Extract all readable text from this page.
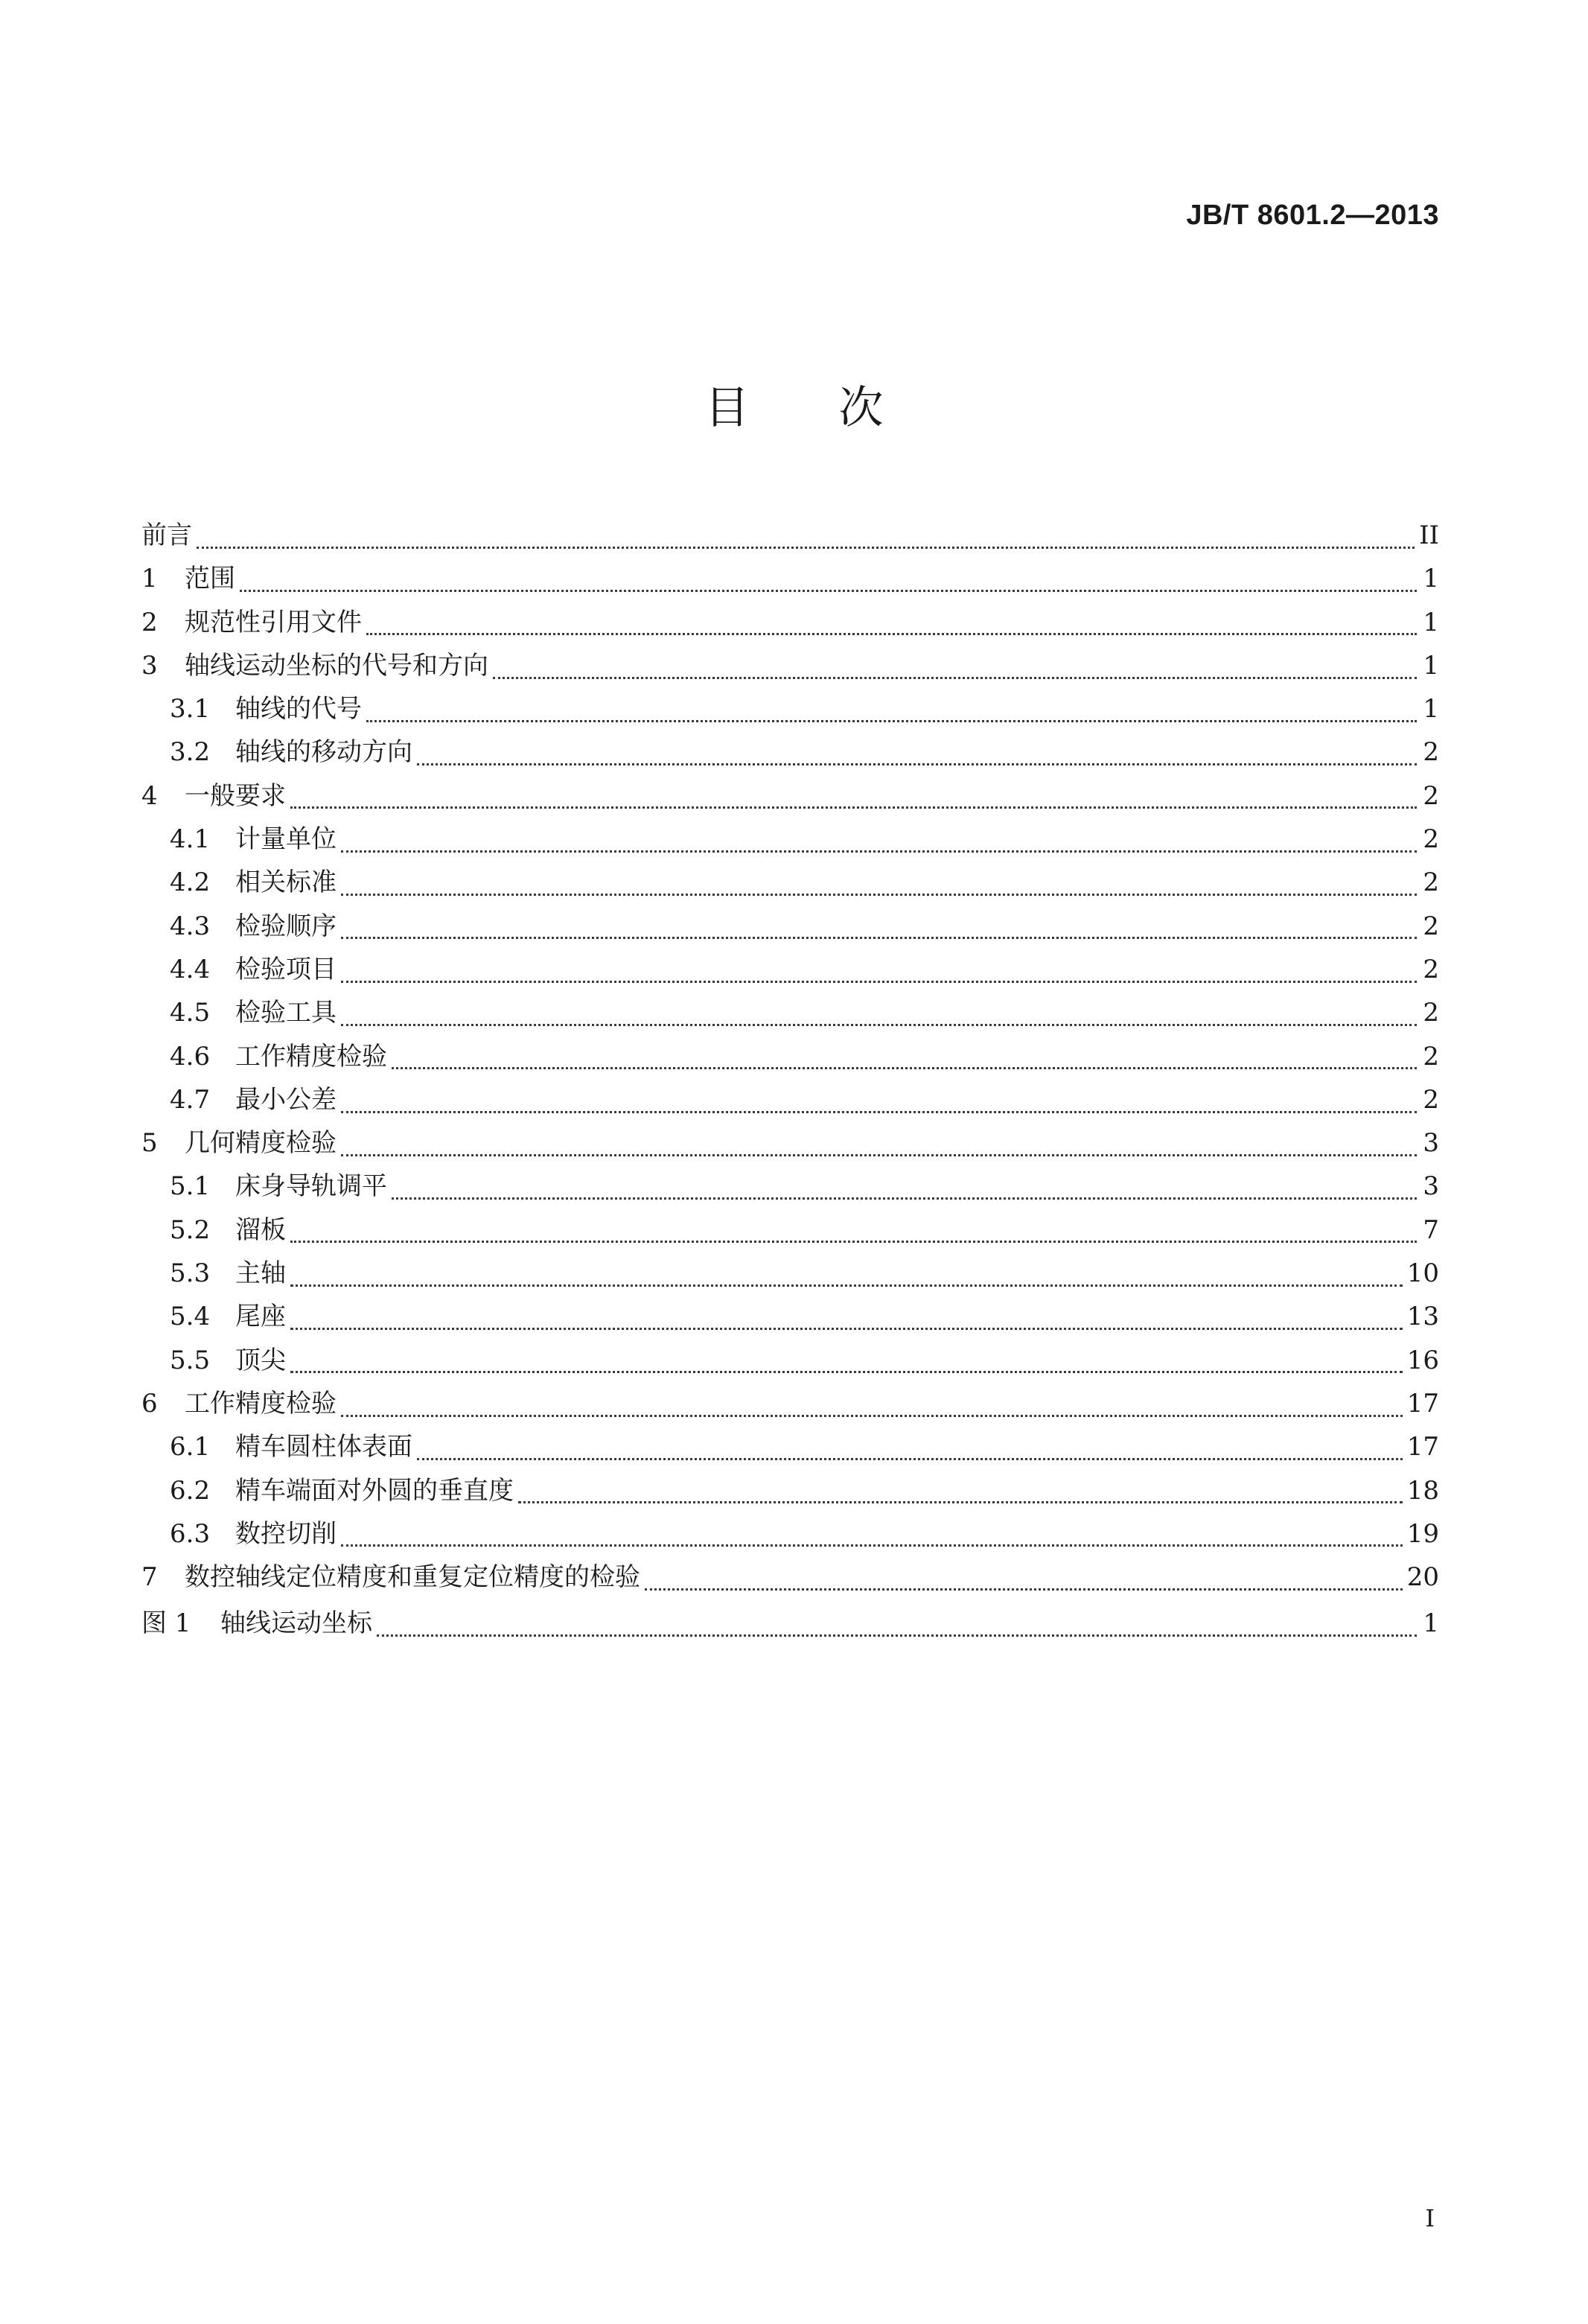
JB/T 8601.2—2013
目次
前言	II
1	范围	1
2	规范性引用文件	1
3	轴线运动坐标的代号和方向	1
3.1 轴线的代号	1
3.2 轴线的移动方向	2
4	一般要求	2
4.1 计量单位	2
4.2 相关标准	2
4.3 检验顺序	2
4.4 检验项目	2
4.5 检验工具	2
4.6 工作精度检验	2
4.7 最小公差	2
5	几何精度检验	3
5.1 床身导轨调平	3
5.2 溜板	7
5.3 主轴	10
5.4 尾座	13
5.5 顶尖	16
6	工作精度检验	17
6.1 精车圆柱体表面	17
6.2 精车端面对外圆的垂直度	18
6.3 数控切削	19
7	数控轴线定位精度和重复定位精度的检验	20
图 1	轴线运动坐标	1
I
